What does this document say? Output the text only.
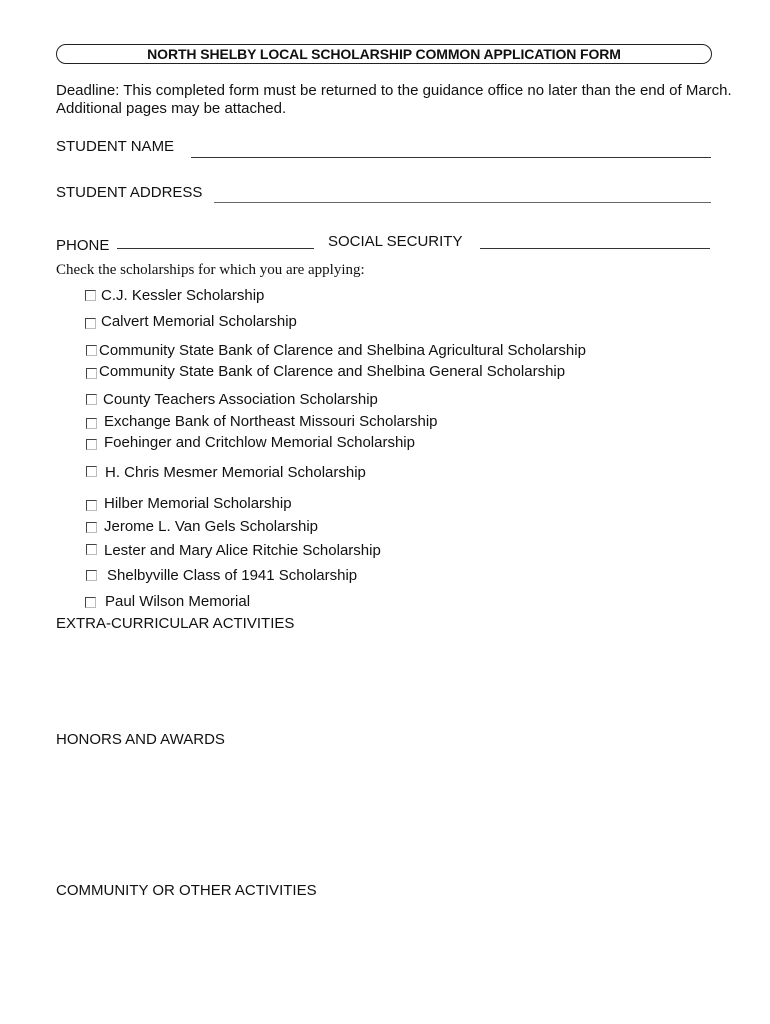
NORTH SHELBY LOCAL SCHOLARSHIP COMMON APPLICATION FORM
Deadline: This completed form must be returned to the guidance office no later than the end of March. Additional pages may be attached.
STUDENT NAME
STUDENT ADDRESS
PHONE	SOCIAL SECURITY
Check the scholarships for which you are applying:
C.J. Kessler Scholarship
Calvert Memorial Scholarship
Community State Bank of Clarence and Shelbina Agricultural Scholarship
Community State Bank of Clarence and Shelbina General Scholarship
County Teachers Association Scholarship
Exchange Bank of Northeast Missouri Scholarship
Foehinger and Critchlow Memorial Scholarship
H. Chris Mesmer Memorial Scholarship
Hilber Memorial Scholarship
Jerome L. Van Gels Scholarship
Lester and Mary Alice Ritchie Scholarship
Shelbyville Class of 1941 Scholarship
Paul Wilson Memorial
EXTRA-CURRICULAR ACTIVITIES
HONORS AND AWARDS
COMMUNITY OR OTHER ACTIVITIES
